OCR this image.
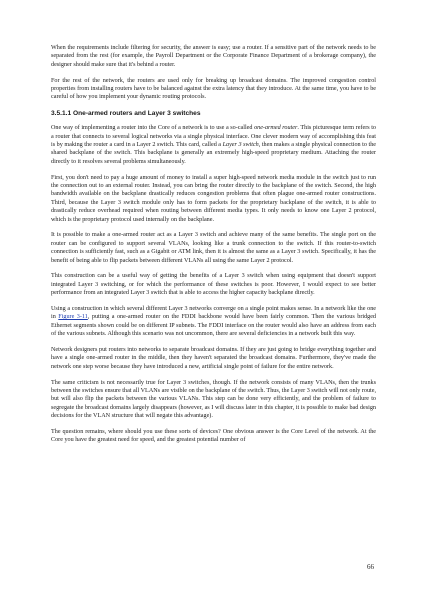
When the requirements include filtering for security, the answer is easy; use a router. If a sensitive part of the network needs to be separated from the rest (for example, the Payroll Department or the Corporate Finance Department of a brokerage company), the designer should make sure that it's behind a router.

For the rest of the network, the routers are used only for breaking up broadcast domains. The improved congestion control properties from installing routers have to be balanced against the extra latency that they introduce. At the same time, you have to be careful of how you implement your dynamic routing protocols.

3.5.1.1 One-armed routers and Layer 3 switches

One way of implementing a router into the Core of a network is to use a so-called one-armed router. This picturesque term refers to a router that connects to several logical networks via a single physical interface. One clever modern way of accomplishing this feat is by making the router a card in a Layer 2 switch. This card, called a Layer 3 switch, then makes a single physical connection to the shared backplane of the switch. This backplane is generally an extremely high-speed proprietary medium. Attaching the router directly to it resolves several problems simultaneously.

First, you don't need to pay a huge amount of money to install a super high-speed network media module in the switch just to run the connection out to an external router. Instead, you can bring the router directly to the backplane of the switch. Second, the high bandwidth available on the backplane drastically reduces congestion problems that often plague one-armed router constructions. Third, because the Layer 3 switch module only has to form packets for the proprietary backplane of the switch, it is able to drastically reduce overhead required when routing between different media types. It only needs to know one Layer 2 protocol, which is the proprietary protocol used internally on the backplane.

It is possible to make a one-armed router act as a Layer 3 switch and achieve many of the same benefits. The single port on the router can be configured to support several VLANs, looking like a trunk connection to the switch. If this router-to-switch connection is sufficiently fast, such as a Gigabit or ATM link, then it is almost the same as a Layer 3 switch. Specifically, it has the benefit of being able to flip packets between different VLANs all using the same Layer 2 protocol.

This construction can be a useful way of getting the benefits of a Layer 3 switch when using equipment that doesn't support integrated Layer 3 switching, or for which the performance of these switches is poor. However, I would expect to see better performance from an integrated Layer 3 switch that is able to access the higher capacity backplane directly.

Using a construction in which several different Layer 3 networks converge on a single point makes sense. In a network like the one in Figure 3-11, putting a one-armed router on the FDDI backbone would have been fairly common. Then the various bridged Ethernet segments shown could be on different IP subnets. The FDDI interface on the router would also have an address from each of the various subnets. Although this scenario was not uncommon, there are several deficiencies in a network built this way.

Network designers put routers into networks to separate broadcast domains. If they are just going to bridge everything together and have a single one-armed router in the middle, then they haven't separated the broadcast domains. Furthermore, they've made the network one step worse because they have introduced a new, artificial single point of failure for the entire network.

The same criticism is not necessarily true for Layer 3 switches, though. If the network consists of many VLANs, then the trunks between the switches ensure that all VLANs are visible on the backplane of the switch. Thus, the Layer 3 switch will not only route, but will also flip the packets between the various VLANs. This step can be done very efficiently, and the problem of failure to segregate the broadcast domains largely disappears (however, as I will discuss later in this chapter, it is possible to make bad design decisions for the VLAN structure that will negate this advantage).

The question remains, where should you use these sorts of devices? One obvious answer is the Core Level of the network. At the Core you have the greatest need for speed, and the greatest potential number of

66
